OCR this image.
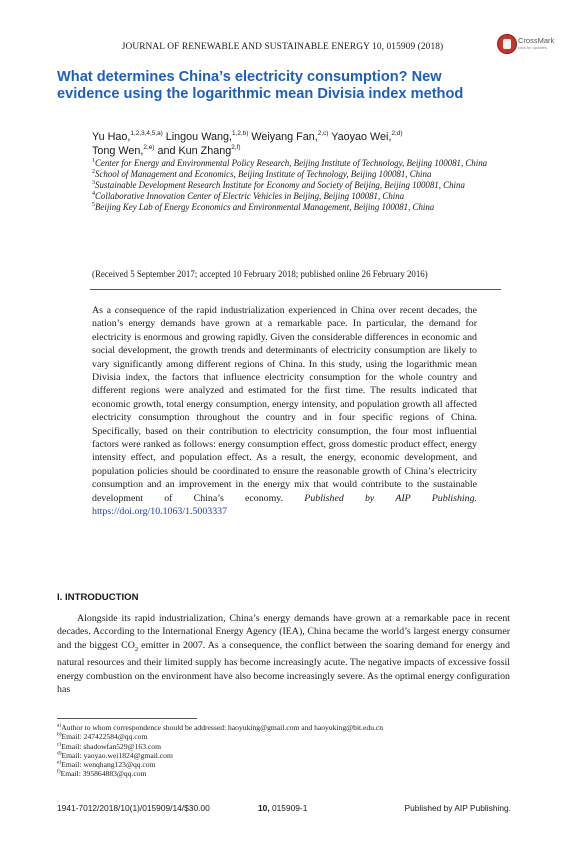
JOURNAL OF RENEWABLE AND SUSTAINABLE ENERGY 10, 015909 (2018)
CrossMark
click for updates
What determines China’s electricity consumption? New evidence using the logarithmic mean Divisia index method
Yu Hao,$^{1,2,3,4,5,a)}$ Lingou Wang,$^{1,2,b)}$ Weiyang Fan,$^{2,c)}$ Yaoyao Wei,$^{2,d)}$
Tong Wen,$^{2,e)}$ and Kun Zhang$^{2,f)}$
$^1$Center for Energy and Environmental Policy Research, Beijing Institute of Technology, Beijing 100081, China
$^2$School of Management and Economics, Beijing Institute of Technology, Beijing 100081, China
$^3$Sustainable Development Research Institute for Economy and Society of Beijing, Beijing 100081, China
$^4$Collaborative Innovation Center of Electric Vehicles in Beijing, Beijing 100081, China
$^5$Beijing Key Lab of Energy Economics and Environmental Management, Beijing 100081, China
(Received 5 September 2017; accepted 10 February 2018; published online 26 February 2016)
As a consequence of the rapid industrialization experienced in China over recent decades, the nation’s energy demands have grown at a remarkable pace. In particular, the demand for electricity is enormous and growing rapidly. Given the considerable differences in economic and social development, the growth trends and determinants of electricity consumption are likely to vary significantly among different regions of China. In this study, using the logarithmic mean Divisia index, the factors that influence electricity consumption for the whole country and different regions were analyzed and estimated for the first time. The results indicated that economic growth, total energy consumption, energy intensity, and population growth all affected electricity consumption throughout the country and in four specific regions of China. Specifically, based on their contribution to electricity consumption, the four most influential factors were ranked as follows: energy consumption effect, gross domestic product effect, energy intensity effect, and population effect. As a result, the energy, economic development, and population policies should be coordinated to ensure the reasonable growth of China’s electricity consumption and an improvement in the energy mix that would contribute to the sustainable development of China’s economy. Published by AIP Publishing. https://doi.org/10.1063/1.5003337
I. INTRODUCTION
Alongside its rapid industrialization, China’s energy demands have grown at a remarkable pace in recent decades. According to the International Energy Agency (IEA), China became the world’s largest energy consumer and the biggest $CO_2$ emitter in 2007. As a consequence, the conflict between the soaring demand for energy and natural resources and their limited supply has become increasingly acute. The negative impacts of excessive fossil energy combustion on the environment have also become increasingly severe. As the optimal energy configuration has
$^{a)}$Author to whom correspondence should be addressed: haoyuking@gmail.com and haoyuking@bit.edu.cn
$^{b)}$Email: 247422584@qq.com
$^{c)}$Email: shadowfan529@163.com
$^{d)}$Email: yaoyao.wei1824@gmail.com
$^{e)}$Email: wenqhang123@qq.com
$^{f)}$Email: 395864883@qq.com
1941-7012/2018/10(1)/015909/14/$30.00	10, 015909-1	Published by AIP Publishing.
